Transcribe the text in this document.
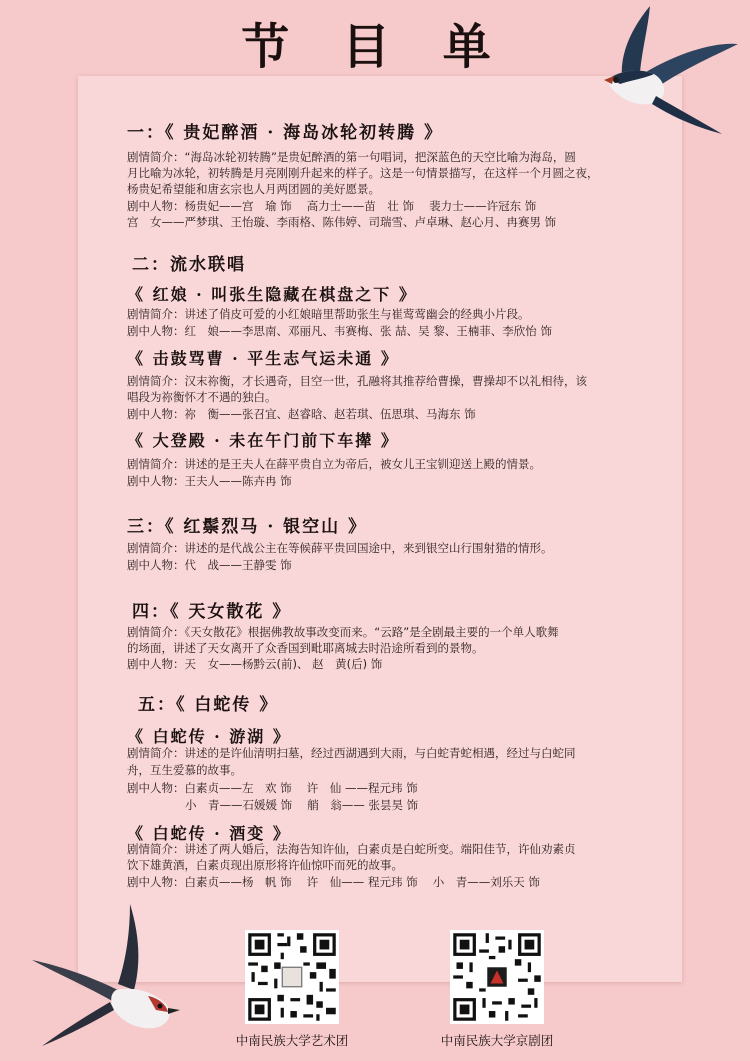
节 目 单
一：《 贵妃醉酒 · 海岛冰轮初转腾 》
剧情简介：“海岛冰轮初转腾”是贵妃醉酒的第一句唱词，把深蓝色的天空比喻为海岛，圆
月比喻为冰轮，初转腾是月亮刚刚升起来的样子。这是一句情景描写，在这样一个月圆之夜，
杨贵妃希望能和唐玄宗也人月两团圆的美好愿景。
剧中人物：杨贵妃——宫　瑜 饰　 高力士——苗　壮 饰　 裴力士——许冠东 饰
宫　女——严梦琪、王怡璇、李雨格、陈伟婷、司瑞雪、卢卓琳、赵心月、冉赛男 饰
二：流水联唱
《 红娘 · 叫张生隐藏在棋盘之下 》
剧情简介：讲述了俏皮可爱的小红娘暗里帮助张生与崔莺莺幽会的经典小片段。
剧中人物：红　娘——李思南、邓丽凡、韦赛梅、张 喆、吴 黎、王楠菲、李欣怡 饰
《 击鼓骂曹 · 平生志气运未通 》
剧情简介：汉末祢衡，才长遇奇，目空一世，孔融将其推荐给曹操，曹操却不以礼相待，该
唱段为祢衡怀才不遇的独白。
剧中人物：祢　衡——张召宜、赵睿晗、赵若琪、伍思琪、马海东 饰
《 大登殿 · 未在午门前下车撵 》
剧情简介：讲述的是王夫人在薛平贵自立为帝后，被女儿王宝钏迎送上殿的情景。
剧中人物：王夫人——陈卉冉 饰
三：《 红鬃烈马 · 银空山 》
剧情简介：讲述的是代战公主在等候薛平贵回国途中，来到银空山行围射猎的情形。
剧中人物：代　战——王静雯 饰
四：《 天女散花 》
剧情简介：《天女散花》根据佛教故事改变而来。“云路”是全剧最主要的一个单人歌舞
的场面，讲述了天女离开了众香国到毗耶离城去时沿途所看到的景物。
剧中人物：天　女——杨黔云(前)、 赵　黄(后) 饰
五：《 白蛇传 》
《 白蛇传 · 游湖 》
剧情简介：讲述的是许仙清明扫墓，经过西湖遇到大雨，与白蛇青蛇相遇，经过与白蛇同
舟，互生爱慕的故事。
剧中人物：白素贞——左　欢 饰　 许　仙 ——程元玮 饰
小　青——石媛媛 饰　 艄　翁—— 张昙昊 饰
《 白蛇传 · 酒变 》
剧情简介：讲述了两人婚后，法海告知许仙，白素贞是白蛇所变。端阳佳节，许仙劝素贞
饮下雄黄酒，白素贞现出原形将许仙惊吓而死的故事。
剧中人物：白素贞——杨　帆 饰　 许　仙—— 程元玮 饰　 小　青——刘乐天 饰
中南民族大学艺术团	中南民族大学京剧团
